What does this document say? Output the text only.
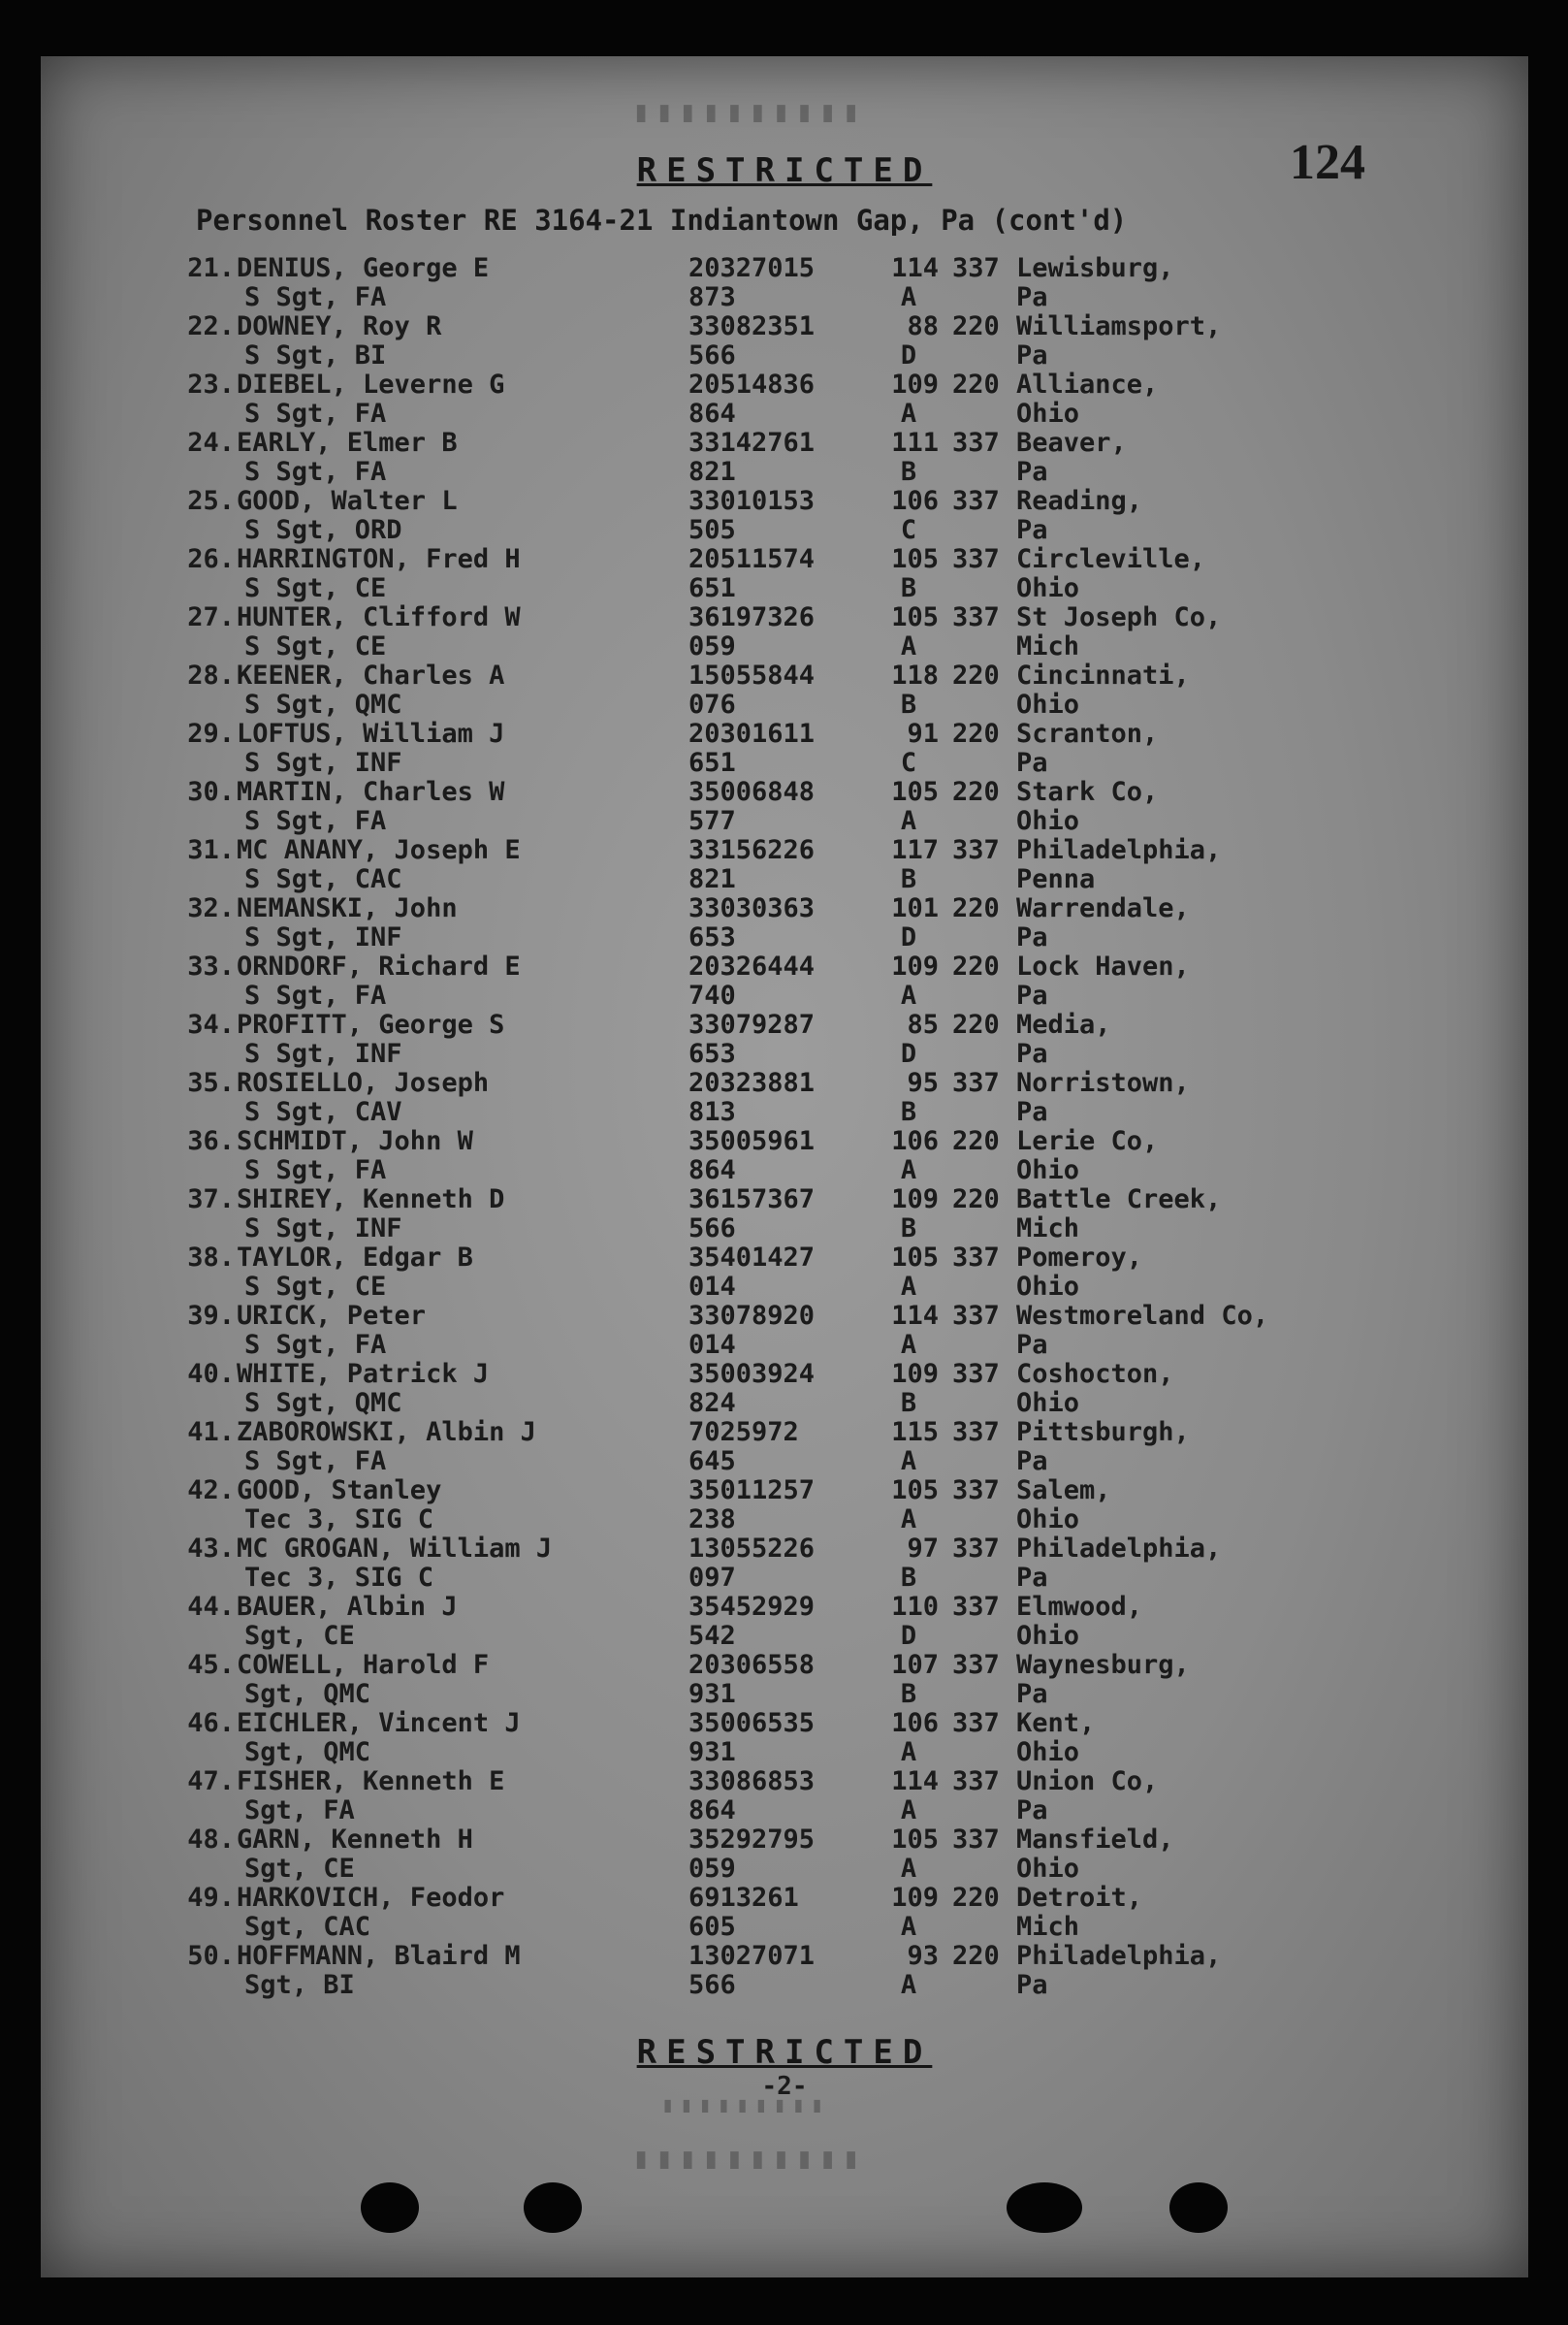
▮▮▮▮▮▮▮▮▮▮
▮▮▮▮▮▮▮▮▮
▮▮▮▮▮▮▮▮▮▮
RESTRICTED	124
Personnel Roster RE 3164-21 Indiantown Gap, Pa (cont'd)
21. DENIUS, George E	20327015	114 337 Lewisburg,
S Sgt, FA	873	A	Pa
22. DOWNEY, Roy R	33082351	88 220 Williamsport,
S Sgt, BI	566	D	Pa
23. DIEBEL, Leverne G	20514836	109 220 Alliance,
S Sgt, FA	864	A	Ohio
24. EARLY, Elmer B	33142761	111 337 Beaver,
S Sgt, FA	821	B	Pa
25. GOOD, Walter L	33010153	106 337 Reading,
S Sgt, ORD	505	C	Pa
26. HARRINGTON, Fred H	20511574	105 337 Circleville,
S Sgt, CE	651	B	Ohio
27. HUNTER, Clifford W	36197326	105 337 St Joseph Co,
S Sgt, CE	059	A	Mich
28. KEENER, Charles A	15055844	118 220 Cincinnati,
S Sgt, QMC	076	B	Ohio
29. LOFTUS, William J	20301611	91 220 Scranton,
S Sgt, INF	651	C	Pa
30. MARTIN, Charles W	35006848	105 220 Stark Co,
S Sgt, FA	577	A	Ohio
31. MC ANANY, Joseph E	33156226	117 337 Philadelphia,
S Sgt, CAC	821	B	Penna
32. NEMANSKI, John	33030363	101 220 Warrendale,
S Sgt, INF	653	D	Pa
33. ORNDORF, Richard E	20326444	109 220 Lock Haven,
S Sgt, FA	740	A	Pa
34. PROFITT, George S	33079287	85 220 Media,
S Sgt, INF	653	D	Pa
35. ROSIELLO, Joseph	20323881	95 337 Norristown,
S Sgt, CAV	813	B	Pa
36. SCHMIDT, John W	35005961	106 220 Lerie Co,
S Sgt, FA	864	A	Ohio
37. SHIREY, Kenneth D	36157367	109 220 Battle Creek,
S Sgt, INF	566	B	Mich
38. TAYLOR, Edgar B	35401427	105 337 Pomeroy,
S Sgt, CE	014	A	Ohio
39. URICK, Peter	33078920	114 337 Westmoreland Co,
S Sgt, FA	014	A	Pa
40. WHITE, Patrick J	35003924	109 337 Coshocton,
S Sgt, QMC	824	B	Ohio
41. ZABOROWSKI, Albin J	7025972	115 337 Pittsburgh,
S Sgt, FA	645	A	Pa
42. GOOD, Stanley	35011257	105 337 Salem,
Tec 3, SIG C	238	A	Ohio
43. MC GROGAN, William J	13055226	97 337 Philadelphia,
Tec 3, SIG C	097	B	Pa
44. BAUER, Albin J	35452929	110 337 Elmwood,
Sgt, CE	542	D	Ohio
45. COWELL, Harold F	20306558	107 337 Waynesburg,
Sgt, QMC	931	B	Pa
46. EICHLER, Vincent J	35006535	106 337 Kent,
Sgt, QMC	931	A	Ohio
47. FISHER, Kenneth E	33086853	114 337 Union Co,
Sgt, FA	864	A	Pa
48. GARN, Kenneth H	35292795	105 337 Mansfield,
Sgt, CE	059	A	Ohio
49. HARKOVICH, Feodor	6913261	109 220 Detroit,
Sgt, CAC	605	A	Mich
50. HOFFMANN, Blaird M	13027071	93 220 Philadelphia,
Sgt, BI	566	A	Pa
RESTRICTED
-2-
